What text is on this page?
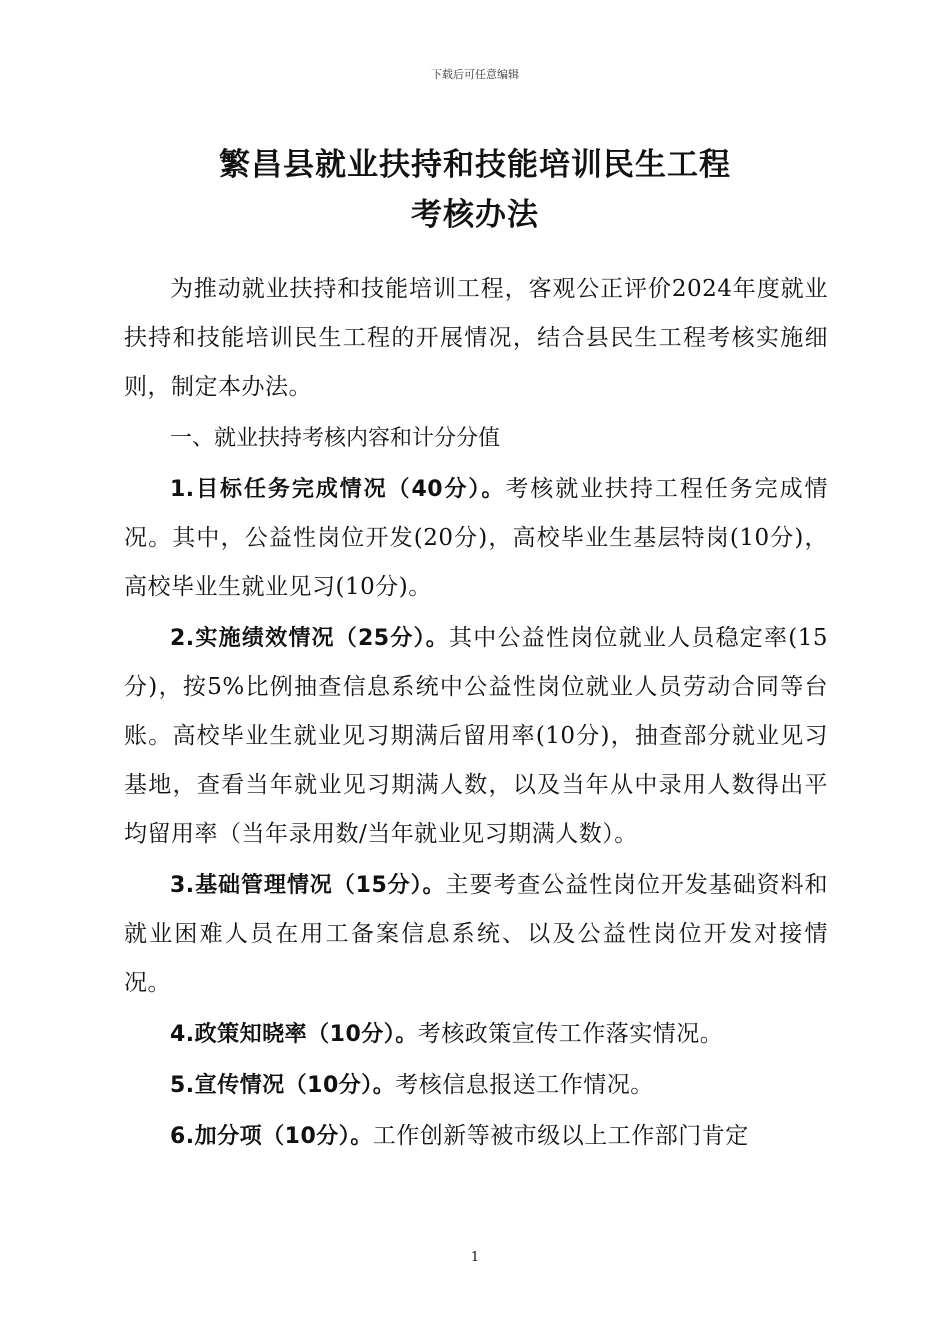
下载后可任意编辑
繁昌县就业扶持和技能培训民生工程
考核办法

为推动就业扶持和技能培训工程，客观公正评价2024年度就业扶持和技能培训民生工程的开展情况，结合县民生工程考核实施细则，制定本办法。

一、就业扶持考核内容和计分分值

1.目标任务完成情况（40分）。考核就业扶持工程任务完成情况。其中，公益性岗位开发(20分)，高校毕业生基层特岗(10分)，高校毕业生就业见习(10分)。

2.实施绩效情况（25分）。其中公益性岗位就业人员稳定率(15分)，按5%比例抽查信息系统中公益性岗位就业人员劳动合同等台账。高校毕业生就业见习期满后留用率(10分)，抽查部分就业见习基地，查看当年就业见习期满人数，以及当年从中录用人数得出平均留用率（当年录用数/当年就业见习期满人数）。

3.基础管理情况（15分）。主要考查公益性岗位开发基础资料和就业困难人员在用工备案信息系统、以及公益性岗位开发对接情况。

4.政策知晓率（10分）。考核政策宣传工作落实情况。

5.宣传情况（10分）。考核信息报送工作情况。

6.加分项（10分）。工作创新等被市级以上工作部门肯定

1
